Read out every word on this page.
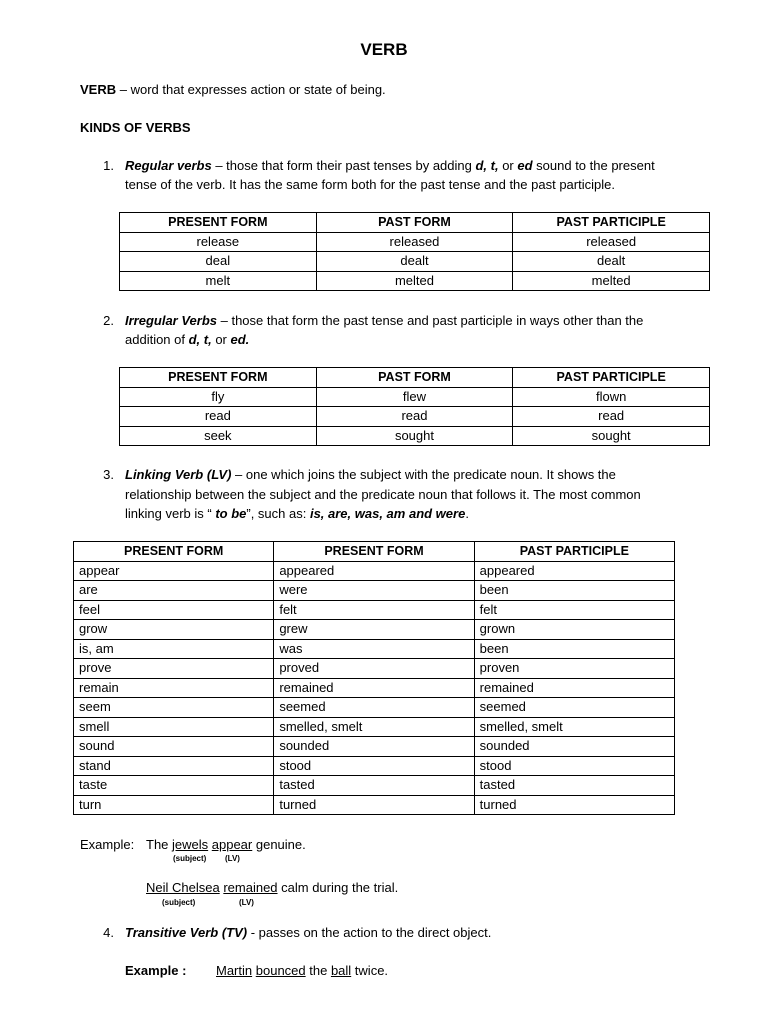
VERB
VERB – word that expresses action or state of being.
KINDS OF VERBS
1. Regular verbs – those that form their past tenses by adding d, t, or ed sound to the present
tense of the verb. It has the same form both for the past tense and the past participle.
PRESENT FORM	PAST FORM	PAST PARTICIPLE
release	released	released
deal	dealt	dealt
melt	melted	melted
2. Irregular Verbs – those that form the past tense and past participle in ways other than the
addition of d, t, or ed.
PRESENT FORM	PAST FORM	PAST PARTICIPLE
fly	flew	flown
read	read	read
seek	sought	sought
3. Linking Verb (LV) – one which joins the subject with the predicate noun. It shows the
relationship between the subject and the predicate noun that follows it. The most common
linking verb is “ to be”, such as: is, are, was, am and were.
PRESENT FORM	PRESENT FORM	PAST PARTICIPLE
appear	appeared	appeared
are	were	been
feel	felt	felt
grow	grew	grown
is, am	was	been
prove	proved	proven
remain	remained	remained
seem	seemed	seemed
smell	smelled, smelt	smelled, smelt
sound	sounded	sounded
stand	stood	stood
taste	tasted	tasted
turn	turned	turned
Example: The jewels appear genuine.
(subject) (LV)
Neil Chelsea remained calm during the trial.
(subject)	(LV)
4. Transitive Verb (TV) - passes on the action to the direct object.
Example : Martin bounced the ball twice.
